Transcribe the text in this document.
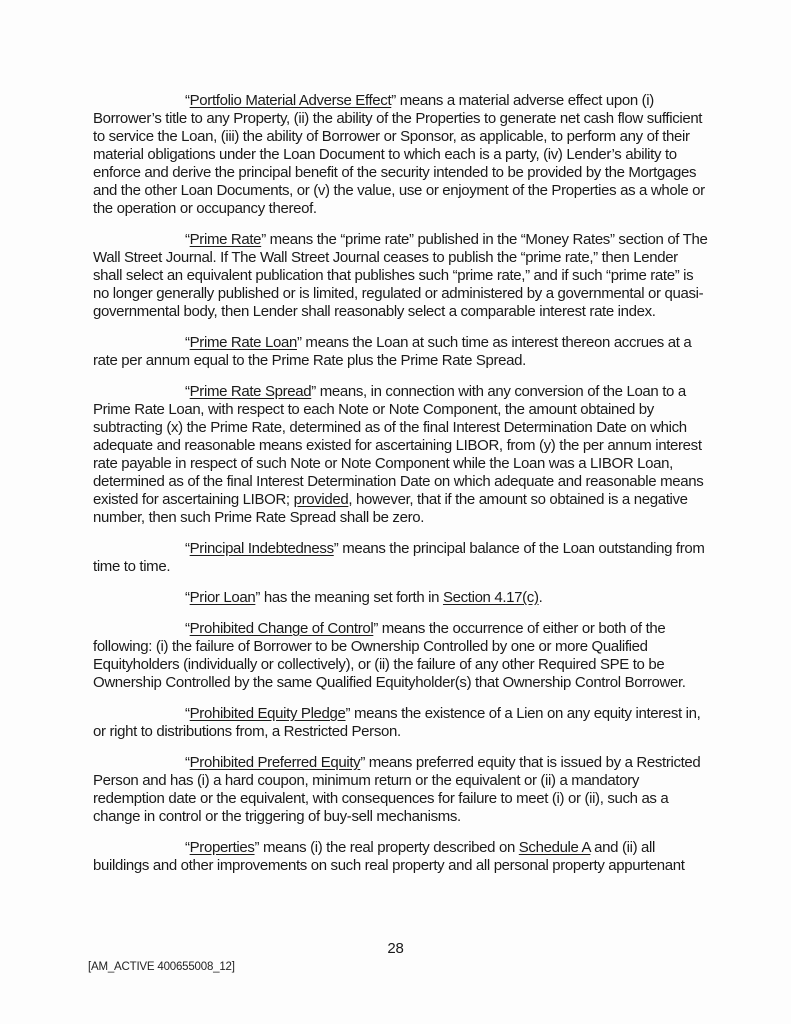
“Portfolio Material Adverse Effect” means a material adverse effect upon (i) Borrower’s title to any Property, (ii) the ability of the Properties to generate net cash flow sufficient to service the Loan, (iii) the ability of Borrower or Sponsor, as applicable, to perform any of their material obligations under the Loan Document to which each is a party, (iv) Lender’s ability to enforce and derive the principal benefit of the security intended to be provided by the Mortgages and the other Loan Documents, or (v) the value, use or enjoyment of the Properties as a whole or the operation or occupancy thereof.

“Prime Rate” means the “prime rate” published in the “Money Rates” section of The Wall Street Journal. If The Wall Street Journal ceases to publish the “prime rate,” then Lender shall select an equivalent publication that publishes such “prime rate,” and if such “prime rate” is no longer generally published or is limited, regulated or administered by a governmental or quasi-governmental body, then Lender shall reasonably select a comparable interest rate index.

“Prime Rate Loan” means the Loan at such time as interest thereon accrues at a rate per annum equal to the Prime Rate plus the Prime Rate Spread.

“Prime Rate Spread” means, in connection with any conversion of the Loan to a Prime Rate Loan, with respect to each Note or Note Component, the amount obtained by subtracting (x) the Prime Rate, determined as of the final Interest Determination Date on which adequate and reasonable means existed for ascertaining LIBOR, from (y) the per annum interest rate payable in respect of such Note or Note Component while the Loan was a LIBOR Loan, determined as of the final Interest Determination Date on which adequate and reasonable means existed for ascertaining LIBOR; provided, however, that if the amount so obtained is a negative number, then such Prime Rate Spread shall be zero.

“Principal Indebtedness” means the principal balance of the Loan outstanding from time to time.

“Prior Loan” has the meaning set forth in Section 4.17(c).

“Prohibited Change of Control” means the occurrence of either or both of the following: (i) the failure of Borrower to be Ownership Controlled by one or more Qualified Equityholders (individually or collectively), or (ii) the failure of any other Required SPE to be Ownership Controlled by the same Qualified Equityholder(s) that Ownership Control Borrower.

“Prohibited Equity Pledge” means the existence of a Lien on any equity interest in, or right to distributions from, a Restricted Person.

“Prohibited Preferred Equity” means preferred equity that is issued by a Restricted Person and has (i) a hard coupon, minimum return or the equivalent or (ii) a mandatory redemption date or the equivalent, with consequences for failure to meet (i) or (ii), such as a change in control or the triggering of buy-sell mechanisms.

“Properties” means (i) the real property described on Schedule A and (ii) all buildings and other improvements on such real property and all personal property appurtenant

28
[AM_ACTIVE 400655008_12]
